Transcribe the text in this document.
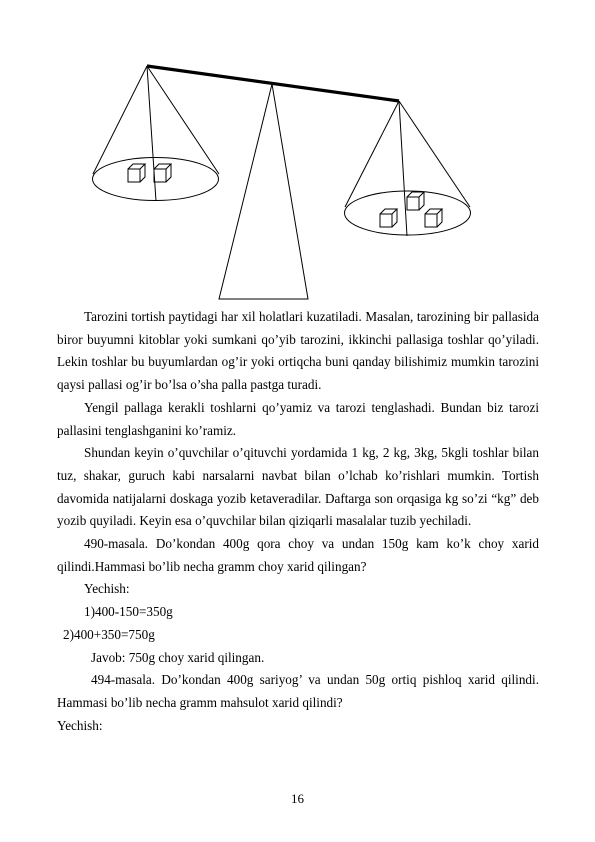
Tarozini tortish paytidagi har xil holatlari kuzatiladi. Masalan, tarozining bir pallasida biror buyumni kitoblar yoki sumkani qo’yib tarozini, ikkinchi pallasiga toshlar qo’yiladi. Lekin toshlar bu buyumlardan og’ir yoki ortiqcha buni qanday bilishimiz mumkin tarozini qaysi pallasi og’ir bo’lsa o’sha palla pastga turadi.

Yengil pallaga kerakli toshlarni qo’yamiz va tarozi tenglashadi. Bundan biz tarozi pallasini tenglashganini ko’ramiz.

Shundan keyin o’quvchilar o’qituvchi yordamida 1 kg, 2 kg, 3kg, 5kgli toshlar bilan tuz, shakar, guruch kabi narsalarni navbat bilan o’lchab ko’rishlari mumkin. Tortish davomida natijalarni doskaga yozib ketaveradilar. Daftarga son orqasiga kg so’zi “kg” deb yozib quyiladi. Keyin esa o’quvchilar bilan qiziqarli masalalar tuzib yechiladi.

490-masala. Do’kondan 400g qora choy va undan 150g kam ko’k choy xarid qilindi.Hammasi bo’lib necha gramm choy xarid qilingan?

Yechish:

1)400-150=350g

2)400+350=750g

Javob: 750g choy xarid qilingan.

494-masala. Do’kondan 400g sariyog’ va undan 50g ortiq pishloq xarid qilindi. Hammasi bo’lib necha gramm mahsulot xarid qilindi?

Yechish:

16
